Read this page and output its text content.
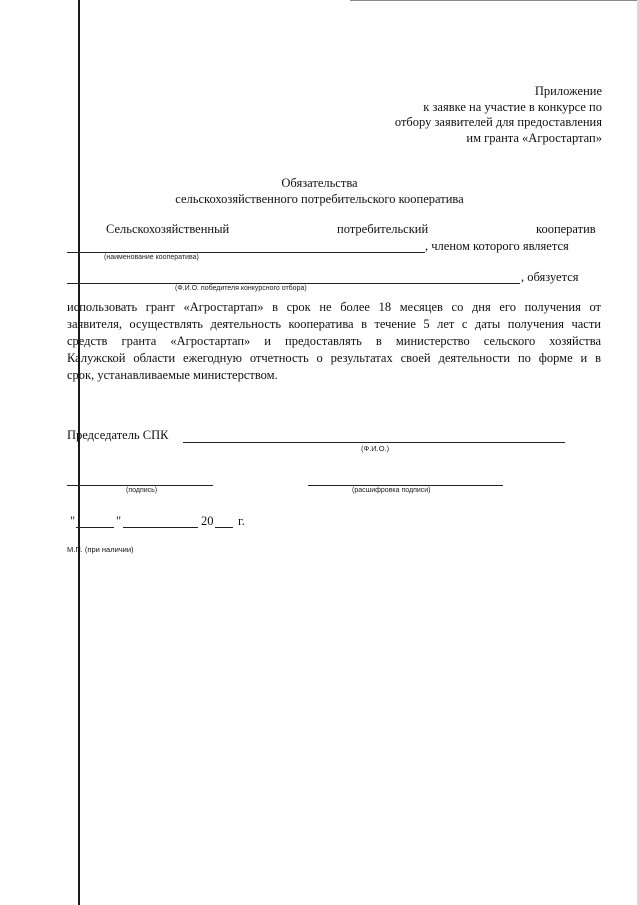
Приложение
к заявке на участие в конкурсе по
отбору заявителей для предоставления
им гранта «Агростартап»
Обязательства
сельскохозяйственного потребительского кооператива
Сельскохозяйственный	потребительский	кооператив
, членом которого является
(наименование кооператива)
, обязуется
(Ф.И.О. победителя конкурсного отбора)
использовать грант «Агростартап» в срок не более 18 месяцев со дня его получения от
заявителя, осуществлять деятельность кооператива в течение 5 лет с даты получения части
средств гранта «Агростартап» и предоставлять в министерство сельского хозяйства
Калужской области ежегодную отчетность о результатах своей деятельности по форме и в
срок, устанавливаемые министерством.
Председатель СПК
(Ф.И.О.)
(подпись)	(расшифровка подписи)
"	"	20 г.
М.П. (при наличии)
